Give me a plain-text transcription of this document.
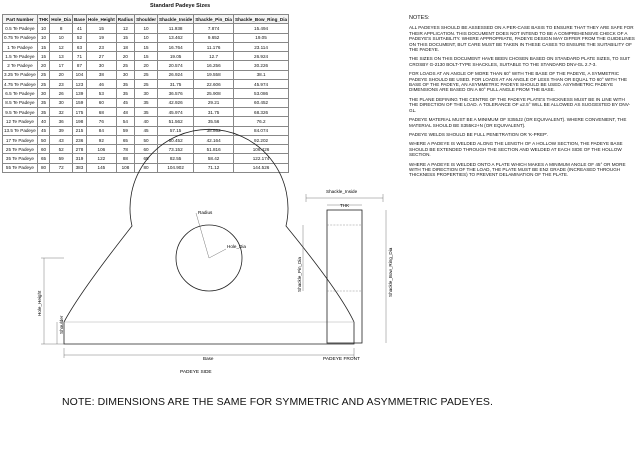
Standard Padeye Sizes
Part Number	THK	Hole_Dia	Base	Hole_Height	Radius	Shoulder	Shackle_Inside	Shackle_Pin_Dia	Shackle_Bow_Ring_Dia
0.5 Te Padeye	10	8	41	15	12	10	11.938	7.874	15.494
0.75 Te Padeye	10	10	52	19	15	10	13.462	9.652	19.05
1 Te Padeye	15	12	63	23	18	15	16.764	11.176	23.114
1.5 Te Padeye	15	13	71	27	20	15	19.05	12.7	26.924
2 Te Padeye	20	17	87	30	25	20	20.574	16.256	30.226
3.25 Te Padeye	25	20	104	38	30	25	26.924	19.558	38.1
4.75 Te Padeye	25	23	123	46	35	25	31.75	22.606	45.974
6.5 Te Padeye	30	26	139	53	35	30	36.576	25.908	53.086
8.5 Te Padeye	35	30	159	60	45	35	42.926	29.21	60.452
9.5 Te Padeye	35	32	175	68	48	35	45.974	31.75	68.326
12 Te Padeye	40	36	198	76	54	40	51.562	35.56	76.2
13.5 Te Padeye	45	39	215	84	59	45	57.15	38.862	84.074
17 Te Padeye	50	43	236	92	65	50	60.452	42.164	92.202
25 Te Padeye	60	52	278	106	78	60	73.152	51.816	106.426
35 Te Padeye	65	59	319	122	88	65	82.55	58.42	122.174
55 Te Padeye	80	72	383	145	108	80	104.902	71.12	144.526
NOTES:

ALL PADEYES SHOULD BE ASSESSED ON A PER-CASE BASIS TO ENSURE THAT THEY ARE SAFE FOR THEIR APPLICATION. THIS DOCUMENT DOES NOT INTEND TO BE A COMPREHENSIVE CHECK OF A PADEYE'S SUITABILITY. WHERE APPROPRIATE, PADEYE DESIGN MAY DIFFER FROM THE GUIDELINES ON THIS DOCUMENT, BUT CARE MUST BE TAKEN IN THESE CASES TO ENSURE THE SUITABILITY OF THE PADEYE.

THE SIZES ON THIS DOCUMENT HAVE BEEN CHOSEN BASED ON STANDARD PLATE SIZES, TO SUIT CROSBY G-2130 BOLT-TYPE SHACKLES, SUITABLE TO THE STANDARD DNV-GL 2.7-3.

FOR LOADS AT AN ANGLE OF MORE THAN 60° WITH THE BASE OF THE PADEYE, A SYMMETRIC PADEYE SHOULD BE USED. FOR LOADS AT AN ANGLE OF LESS THAN OR EQUAL TO 60° WITH THE BASE OF THE PADEYE, AN ASYMMETRIC PADEYE SHOULD BE USED. ASYMMETRIC PADEYE DIMENSIONS ARE BASED ON A 60° PULL ANGLE FROM THE BASE.

THE PLANE DEFINING THE CENTRE OF THE PADEYE PLATE'S THICKNESS MUST BE IN LINE WITH THE DIRECTION OF THE LOAD. A TOLERANCE OF ±2.5° WILL BE ALLOWED AS SUGGESTED BY DNV-GL.

PADEYE MATERIAL MUST BE A MINIMUM OF S355J2 (OR EQUIVALENT). WHERE CONVENIENT, THE MATERIAL SHOULD BE S355K2+N (OR EQUIVALENT).

PADEYE WELDS SHOULD BE FULL PENETRATION OR 'K-PREP'.

WHERE A PADEYE IS WELDED ALONG THE LENGTH OF A HOLLOW SECTION, THE PADEYE BASE SHOULD BE EXTENDED THROUGH THE SECTION AND WELDED AT EACH SIDE OF THE HOLLOW SECTION.

WHERE A PADEYE IS WELDED ONTO A PLATE WHICH MAKES A MINIMUM ANGLE OF 45° OR MORE WITH THE DIRECTION OF THE LOAD, THE PLATE MUST BE EN2 GRADE (INCREASED THROUGH THICKNESS PROPERTIES) TO PREVENT DELAMINATION OF THE PLATE.

Radius
Hole_Dia
Base
Hole_Height
Shoulder
PADEYE SIDE
Shackle_Inside
THK
Shackle_Pin_Dia	Shackle_Bow_Ring_Dia
PADEYE FRONT
NOTE: DIMENSIONS ARE THE SAME FOR SYMMETRIC AND ASYMMETRIC PADEYES.
